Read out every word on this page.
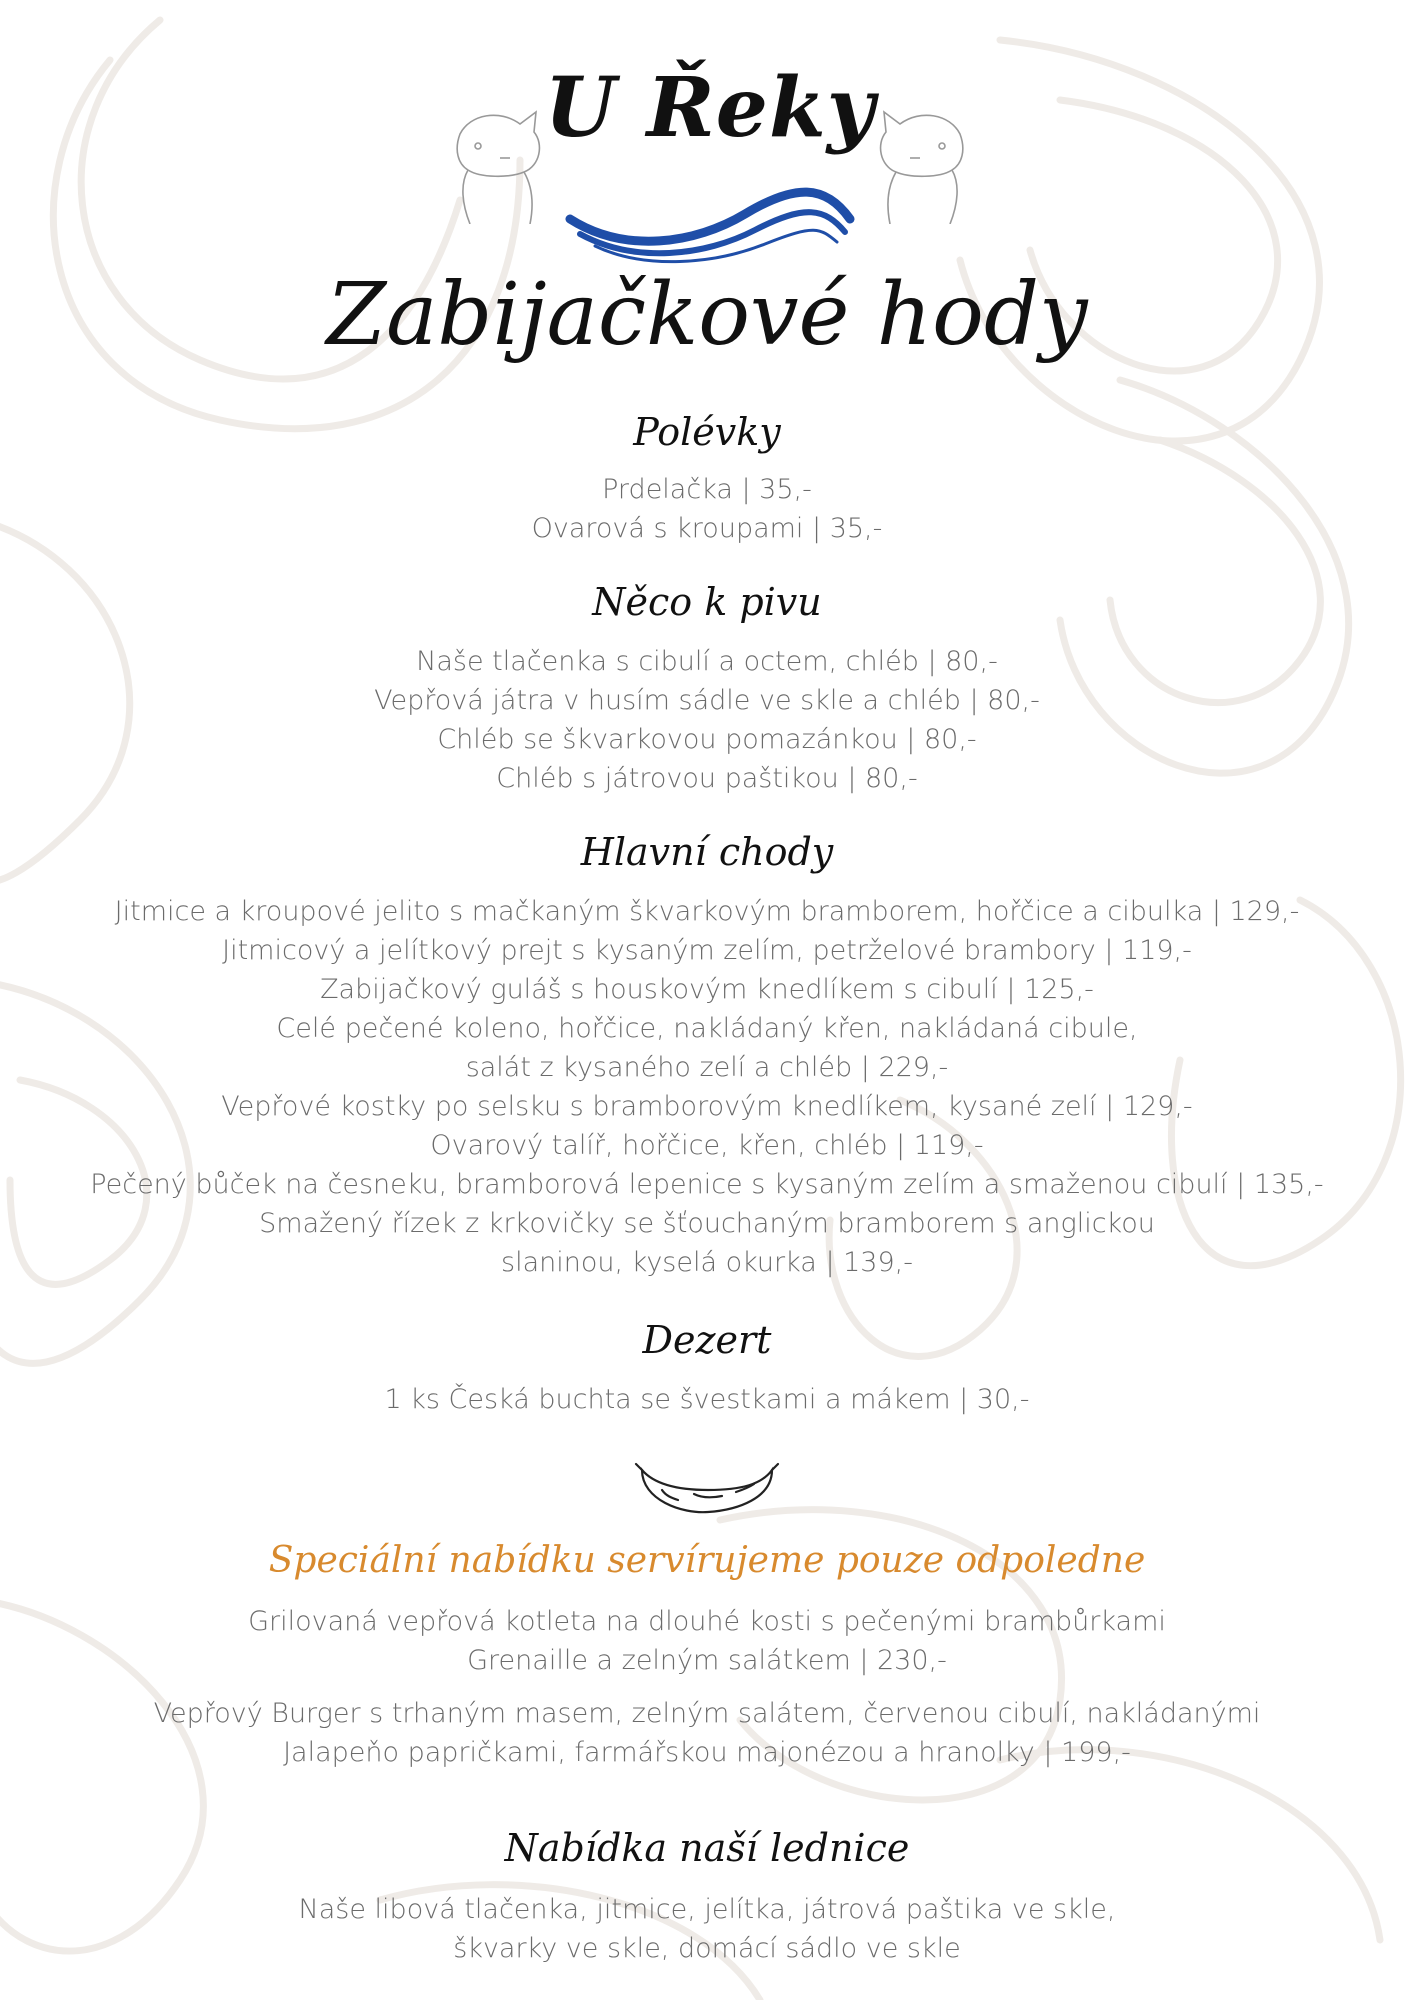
U Řeky
Zabijačkové hody
Polévky
Prdelačka | 35,-
Ovarová s kroupami | 35,-
Něco k pivu
Naše tlačenka s cibulí a octem, chléb | 80,-
Vepřová játra v husím sádle ve skle a chléb | 80,-
Chléb se škvarkovou pomazánkou | 80,-
Chléb s játrovou paštikou | 80,-
Hlavní chody
Jitmice a kroupové jelito s mačkaným škvarkovým bramborem, hořčice a cibulka | 129,-
Jitmicový a jelítkový prejt s kysaným zelím, petrželové brambory | 119,-
Zabijačkový guláš s houskovým knedlíkem s cibulí | 125,-
Celé pečené koleno, hořčice, nakládaný křen, nakládaná cibule,
salát z kysaného zelí a chléb | 229,-
Vepřové kostky po selsku s bramborovým knedlíkem, kysané zelí | 129,-
Ovarový talíř, hořčice, křen, chléb | 119,-
Pečený bůček na česneku, bramborová lepenice s kysaným zelím a smaženou cibulí | 135,-
Smažený řízek z krkovičky se šťouchaným bramborem s anglickou
slaninou, kyselá okurka | 139,-
Dezert
1 ks Česká buchta se švestkami a mákem | 30,-
Speciální nabídku servírujeme pouze odpoledne
Grilovaná vepřová kotleta na dlouhé kosti s pečenými brambůrkami
Grenaille a zelným salátkem | 230,-
Vepřový Burger s trhaným masem, zelným salátem, červenou cibulí, nakládanými
Jalapeňo papričkami, farmářskou majonézou a hranolky | 199,-
Nabídka naší lednice
Naše libová tlačenka, jitmice, jelítka, játrová paštika ve skle,
škvarky ve skle, domácí sádlo ve skle
